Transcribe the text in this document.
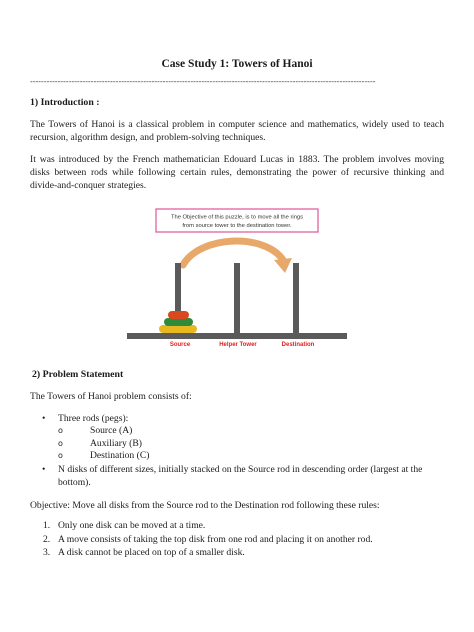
Case Study 1: Towers of Hanoi
-----------------------------------------------------------------------------------------------------------------------------
1) Introduction :
The Towers of Hanoi is a classical problem in computer science and mathematics, widely used to teach recursion, algorithm design, and problem-solving techniques.
It was introduced by the French mathematician Edouard Lucas in 1883. The problem involves moving disks between rods while following certain rules, demonstrating the power of recursive thinking and divide-and-conquer strategies.
The Objective of this puzzle, is to move all the rings
from source tower to the destination tower.
Source	Helper Tower	Destination
2) Problem Statement
The Towers of Hanoi problem consists of:
• Three rods (pegs):
o	Source (A)
o	Auxiliary (B)
o	Destination (C)
• N disks of different sizes, initially stacked on the Source rod in descending order (largest at the bottom).
Objective: Move all disks from the Source rod to the Destination rod following these rules:
1. Only one disk can be moved at a time.
2. A move consists of taking the top disk from one rod and placing it on another rod.
3. A disk cannot be placed on top of a smaller disk.
